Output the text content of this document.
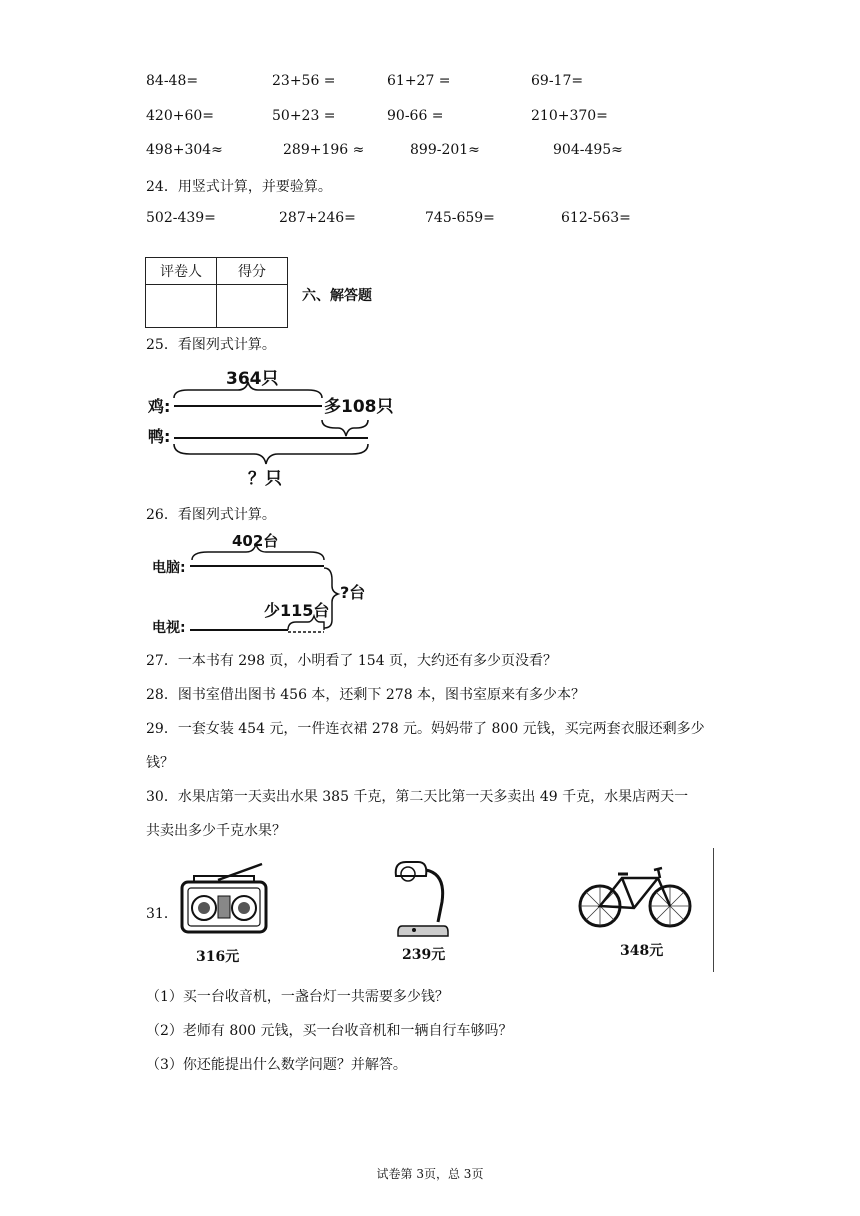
84-48=	23+56 =	61+27 =	69-17=
420+60=	50+23 =	90-66 =	210+370=
498+304≈	289+196 ≈	899-201≈	904-495≈
24．用竖式计算，并要验算。
502-439=	287+246=	745-659=	612-563=
评卷人	得分

六、解答题
25．看图列式计算。
364只
鸡:	多108只
鸭:
？只
26．看图列式计算。
402台
电脑:
?台
少115台
电视:
27．一本书有 298 页，小明看了 154 页，大约还有多少页没看？
28．图书室借出图书 456 本，还剩下 278 本，图书室原来有多少本？
29．一套女装 454 元，一件连衣裙 278 元。妈妈带了 800 元钱，买完两套衣服还剩多少
钱？
30．水果店第一天卖出水果 385 千克，第二天比第一天多卖出 49 千克，水果店两天一
共卖出多少千克水果？
31．
316元	239元	348元
（1）买一台收音机，一盏台灯一共需要多少钱？
（2）老师有 800 元钱，买一台收音机和一辆自行车够吗？
（3）你还能提出什么数学问题？并解答。
试卷第 3页，总 3页
